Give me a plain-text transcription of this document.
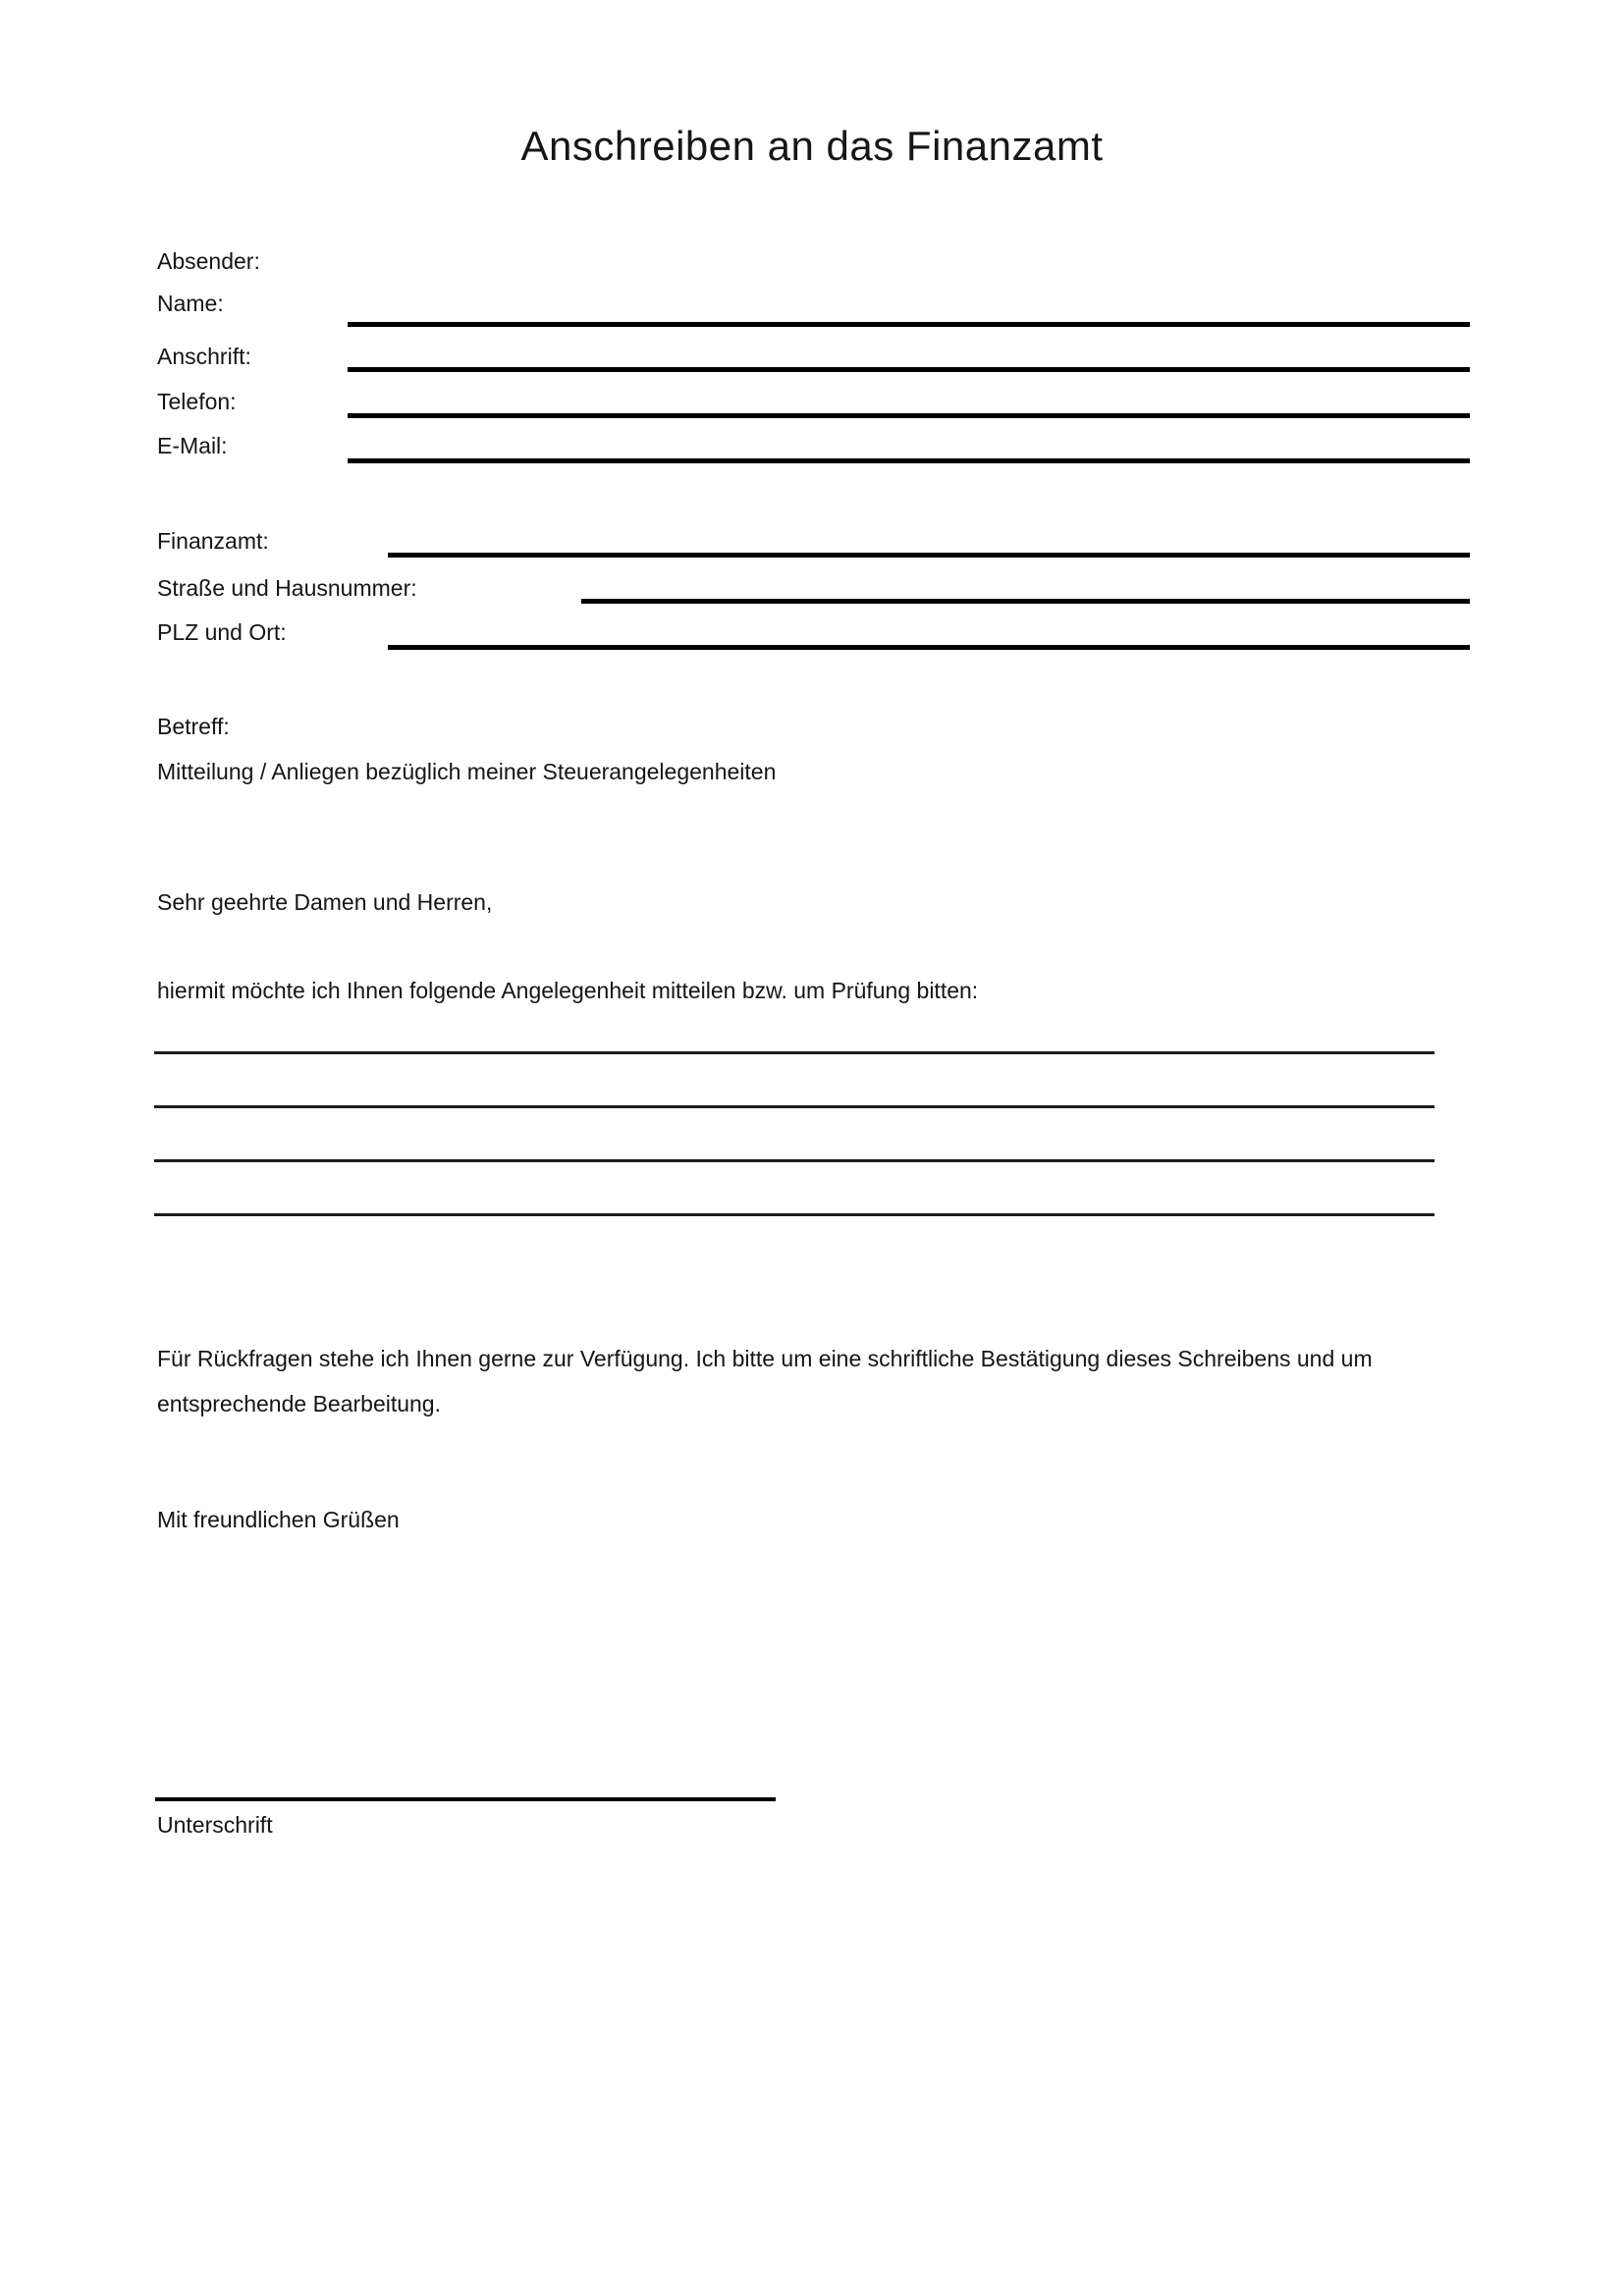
Anschreiben an das Finanzamt
Absender:
Name:
Anschrift:
Telefon:
E-Mail:
Finanzamt:
Straße und Hausnummer:
PLZ und Ort:
Betreff:
Mitteilung / Anliegen bezüglich meiner Steuerangelegenheiten
Sehr geehrte Damen und Herren,
hiermit möchte ich Ihnen folgende Angelegenheit mitteilen bzw. um Prüfung bitten:
Für Rückfragen stehe ich Ihnen gerne zur Verfügung. Ich bitte um eine schriftliche Bestätigung dieses Schreibens und um entsprechende Bearbeitung.
Mit freundlichen Grüßen
Unterschrift
